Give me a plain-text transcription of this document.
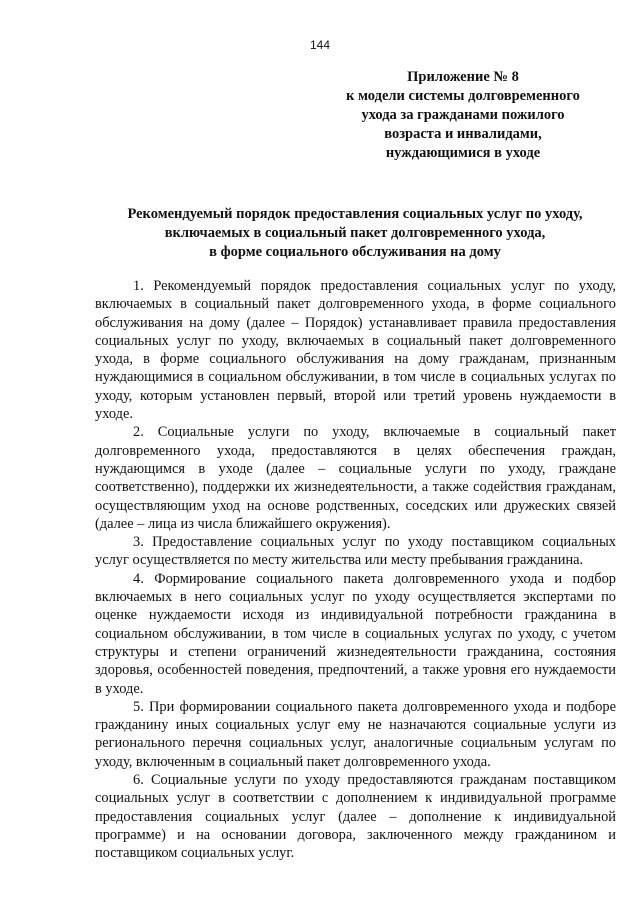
144
Приложение № 8
к модели системы долговременного
ухода за гражданами пожилого
возраста и инвалидами,
нуждающимися в уходе
Рекомендуемый порядок предоставления социальных услуг по уходу,
включаемых в социальный пакет долговременного ухода,
в форме социального обслуживания на дому

1. Рекомендуемый порядок предоставления социальных услуг по уходу, включаемых в социальный пакет долговременного ухода, в форме социального обслуживания на дому (далее – Порядок) устанавливает правила предоставления социальных услуг по уходу, включаемых в социальный пакет долговременного ухода, в форме социального обслуживания на дому гражданам, признанным нуждающимися в социальном обслуживании, в том числе в социальных услугах по уходу, которым установлен первый, второй или третий уровень нуждаемости в уходе.

2. Социальные услуги по уходу, включаемые в социальный пакет долговременного ухода, предоставляются в целях обеспечения граждан, нуждающимся в уходе (далее – социальные услуги по уходу, граждане соответственно), поддержки их жизнедеятельности, а также содействия гражданам, осуществляющим уход на основе родственных, соседских или дружеских связей (далее – лица из числа ближайшего окружения).

3. Предоставление социальных услуг по уходу поставщиком социальных услуг осуществляется по месту жительства или месту пребывания гражданина.

4. Формирование социального пакета долговременного ухода и подбор включаемых в него социальных услуг по уходу осуществляется экспертами по оценке нуждаемости исходя из индивидуальной потребности гражданина в социальном обслуживании, в том числе в социальных услугах по уходу, с учетом структуры и степени ограничений жизнедеятельности гражданина, состояния здоровья, особенностей поведения, предпочтений, а также уровня его нуждаемости в уходе.

5. При формировании социального пакета долговременного ухода и подборе гражданину иных социальных услуг ему не назначаются социальные услуги из регионального перечня социальных услуг, аналогичные социальным услугам по уходу, включенным в социальный пакет долговременного ухода.

6. Социальные услуги по уходу предоставляются гражданам поставщиком социальных услуг в соответствии с дополнением к индивидуальной программе предоставления социальных услуг (далее – дополнение к индивидуальной программе) и на основании договора, заключенного между гражданином и поставщиком социальных услуг.
